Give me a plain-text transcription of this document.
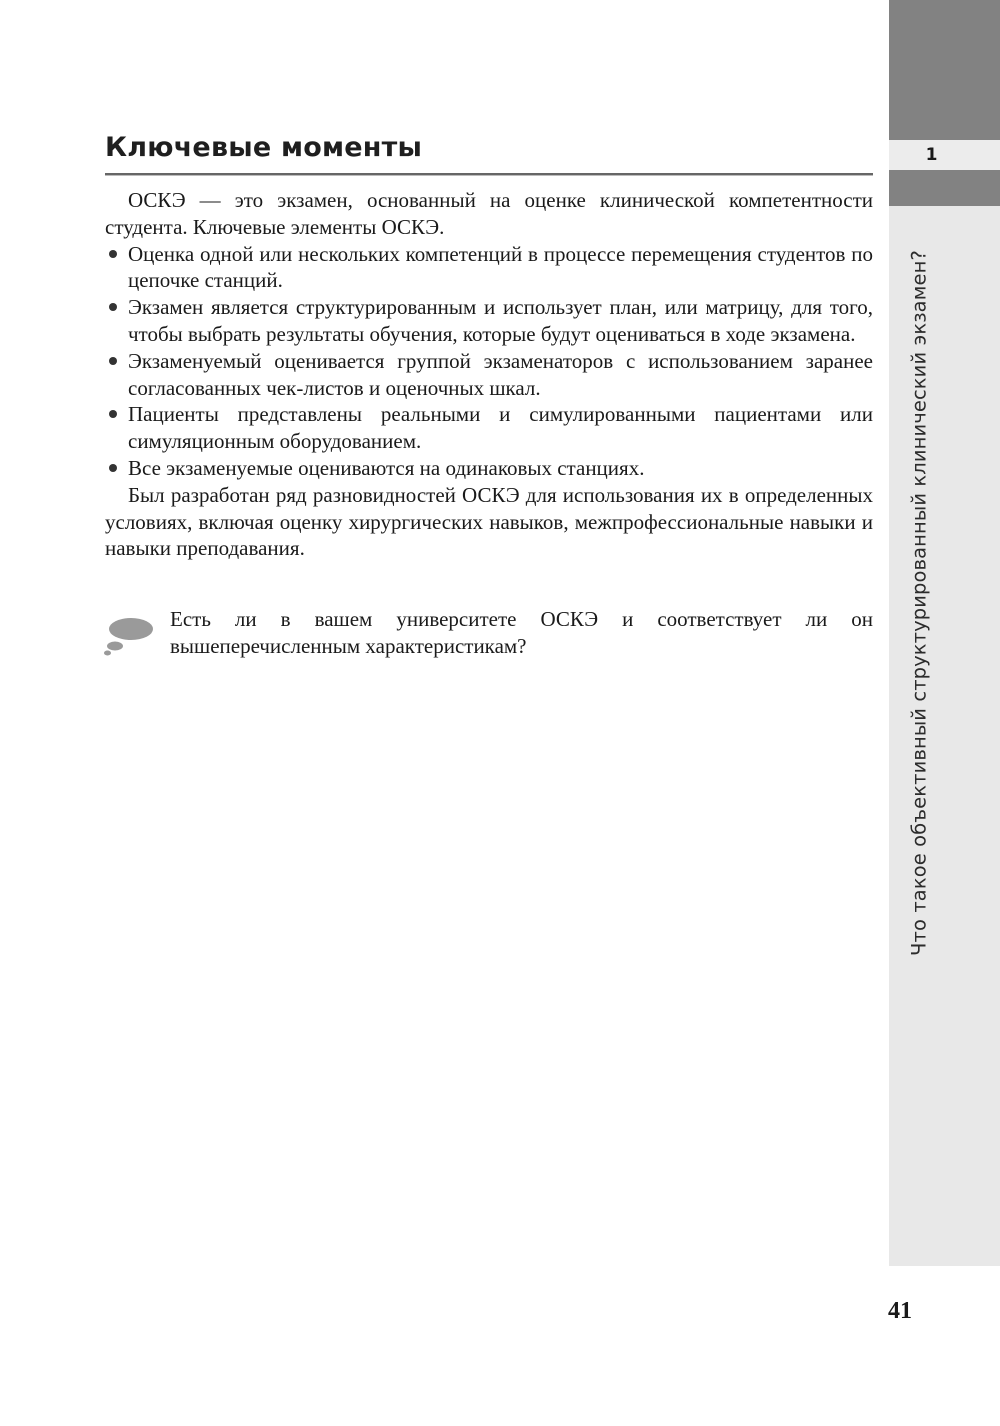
Ключевые моменты

ОСКЭ — это экзамен, основанный на оценке клинической компетентности студента. Ключевые элементы ОСКЭ.

Оценка одной или нескольких компетенций в процессе перемещения студентов по цепочке станций.
Экзамен является структурированным и использует план, или матрицу, для того, чтобы выбрать результаты обучения, которые будут оцениваться в ходе экзамена.
Экзаменуемый оценивается группой экзаменаторов с использованием заранее согласованных чек-листов и оценочных шкал.
Пациенты представлены реальными и симулированными пациентами или симуляционным оборудованием.
Все экзаменуемые оцениваются на одинаковых станциях.

Был разработан ряд разновидностей ОСКЭ для использования их в определенных условиях, включая оценку хирургических навыков, межпрофессиональные навыки и навыки преподавания.

Есть ли в вашем университете ОСКЭ и соответствует ли он вышеперечисленным характеристикам?

1
Что такое объективный структурированный клинический экзамен?
41
